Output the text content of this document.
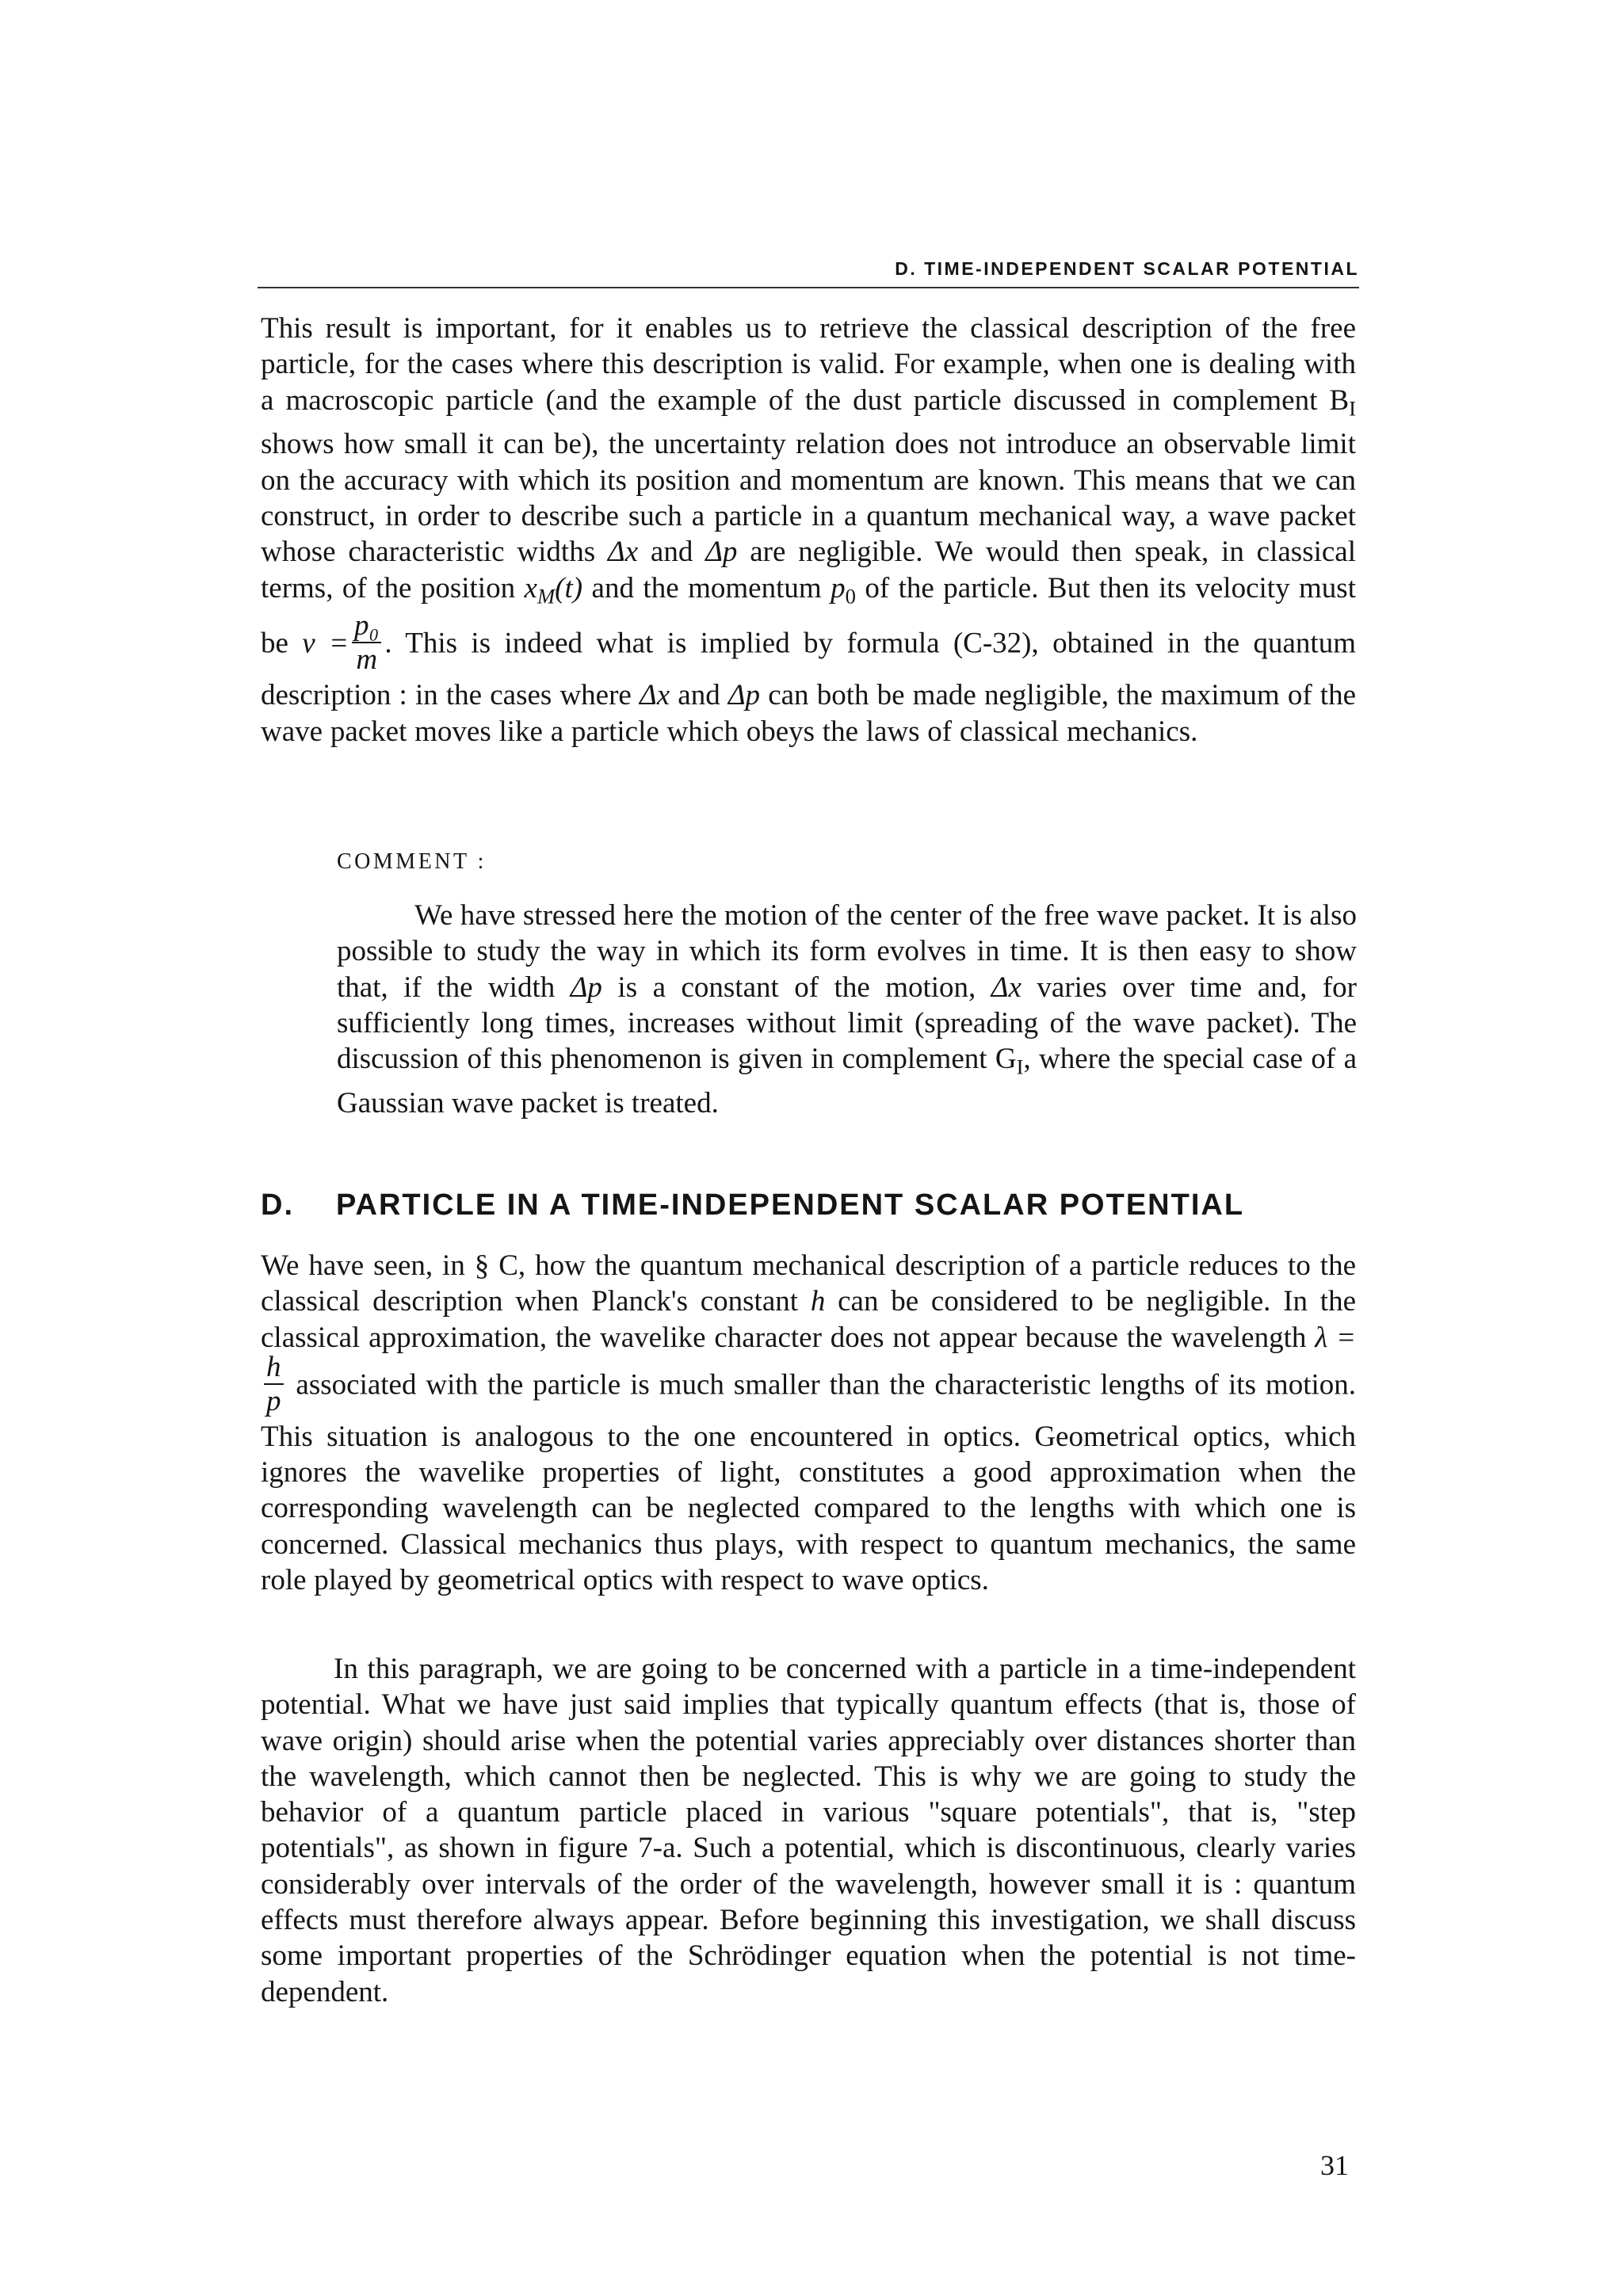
D. TIME-INDEPENDENT SCALAR POTENTIAL

This result is important, for it enables us to retrieve the classical description of the free particle, for the cases where this description is valid. For example, when one is dealing with a macroscopic particle (and the example of the dust particle discussed in complement $B_I$ shows how small it can be), the uncertainty relation does not introduce an observable limit on the accuracy with which its position and momentum are known. This means that we can construct, in order to describe such a particle in a quantum mechanical way, a wave packet whose characteristic widths Δx and Δp are negligible. We would then speak, in classical terms, of the position $x_M(t)$ and the momentum $p_0$ of the particle. But then its velocity must be $v = \frac{\text{p₀}}{m}$ . This is indeed what is implied by formula (C-32), obtained in the quantum description : in the cases where Δx and Δp can both be made negligible, the maximum of the wave packet moves like a particle which obeys the laws of classical mechanics.

COMMENT :

We have stressed here the motion of the center of the free wave packet. It is also possible to study the way in which its form evolves in time. It is then easy to show that, if the width Δp is a constant of the motion, Δx varies over time and, for sufficiently long times, increases without limit (spreading of the wave packet). The discussion of this phenomenon is given in complement $G_I$, where the special case of a Gaussian wave packet is treated.

D. PARTICLE IN A TIME-INDEPENDENT SCALAR POTENTIAL

We have seen, in § C, how the quantum mechanical description of a particle reduces to the classical description when Planck's constant h can be considered to be negligible. In the classical approximation, the wavelike character does not appear because the wavelength λ =
$\frac{h}{p}$ associated with the particle is much smaller than the characteristic lengths of its motion. This situation is analogous to the one encountered in optics. Geometrical optics, which ignores the wavelike properties of light, constitutes a good approximation when the corresponding wavelength can be neglected compared to the lengths with which one is concerned. Classical mechanics thus plays, with respect to quantum mechanics, the same role played by geometrical optics with respect to wave optics.

In this paragraph, we are going to be concerned with a particle in a time-independent potential. What we have just said implies that typically quantum effects (that is, those of wave origin) should arise when the potential varies appreciably over distances shorter than the wavelength, which cannot then be neglected. This is why we are going to study the behavior of a quantum particle placed in various "square potentials", that is, "step potentials", as shown in figure 7-a. Such a potential, which is discontinuous, clearly varies considerably over intervals of the order of the wavelength, however small it is : quantum effects must therefore always appear. Before beginning this investigation, we shall discuss some important properties of the Schrödinger equation when the potential is not time-dependent.

31
